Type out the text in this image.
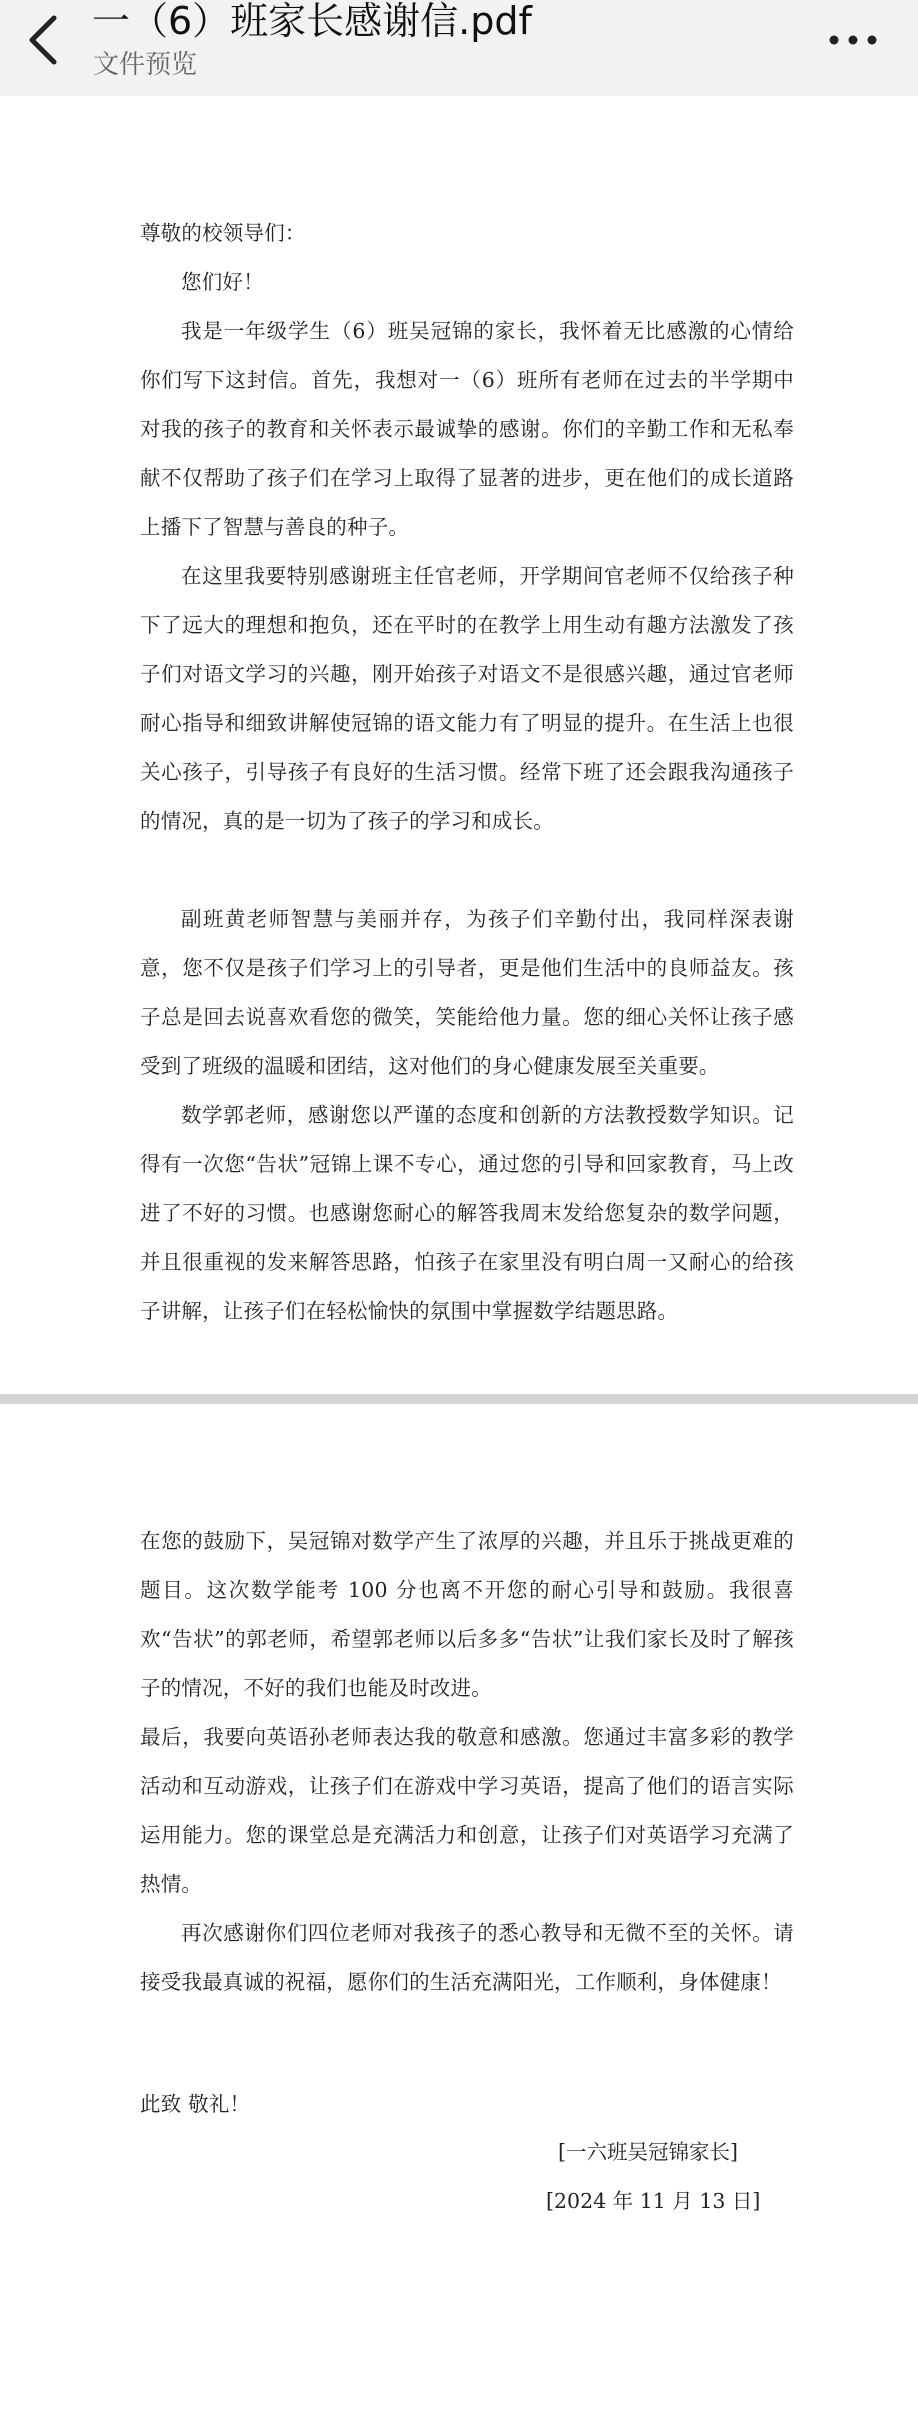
一（6）班家长感谢信.pdf
文件预览

尊敬的校领导们：

您们好！

我是一年级学生（6）班吴冠锦的家长，我怀着无比感激的心情给你们写下这封信。首先，我想对一（6）班所有老师在过去的半学期中对我的孩子的教育和关怀表示最诚挚的感谢。你们的辛勤工作和无私奉献不仅帮助了孩子们在学习上取得了显著的进步，更在他们的成长道路上播下了智慧与善良的种子。

在这里我要特别感谢班主任官老师，开学期间官老师不仅给孩子种下了远大的理想和抱负，还在平时的在教学上用生动有趣方法激发了孩子们对语文学习的兴趣，刚开始孩子对语文不是很感兴趣，通过官老师耐心指导和细致讲解使冠锦的语文能力有了明显的提升。在生活上也很关心孩子，引导孩子有良好的生活习惯。经常下班了还会跟我沟通孩子的情况，真的是一切为了孩子的学习和成长。

副班黄老师智慧与美丽并存，为孩子们辛勤付出，我同样深表谢意，您不仅是孩子们学习上的引导者，更是他们生活中的良师益友。孩子总是回去说喜欢看您的微笑，笑能给他力量。您的细心关怀让孩子感受到了班级的温暖和团结，这对他们的身心健康发展至关重要。

数学郭老师，感谢您以严谨的态度和创新的方法教授数学知识。记得有一次您“告状”冠锦上课不专心，通过您的引导和回家教育，马上改进了不好的习惯。也感谢您耐心的解答我周末发给您复杂的数学问题，并且很重视的发来解答思路，怕孩子在家里没有明白周一又耐心的给孩子讲解，让孩子们在轻松愉快的氛围中掌握数学结题思路。

在您的鼓励下，吴冠锦对数学产生了浓厚的兴趣，并且乐于挑战更难的题目。这次数学能考 100 分也离不开您的耐心引导和鼓励。我很喜欢“告状”的郭老师，希望郭老师以后多多“告状”让我们家长及时了解孩子的情况，不好的我们也能及时改进。

最后，我要向英语孙老师表达我的敬意和感激。您通过丰富多彩的教学活动和互动游戏，让孩子们在游戏中学习英语，提高了他们的语言实际运用能力。您的课堂总是充满活力和创意，让孩子们对英语学习充满了热情。

再次感谢你们四位老师对我孩子的悉心教导和无微不至的关怀。请接受我最真诚的祝福，愿你们的生活充满阳光，工作顺利，身体健康！

此致 敬礼！

[一六班吴冠锦家长]
[2024 年 11 月 13 日]
